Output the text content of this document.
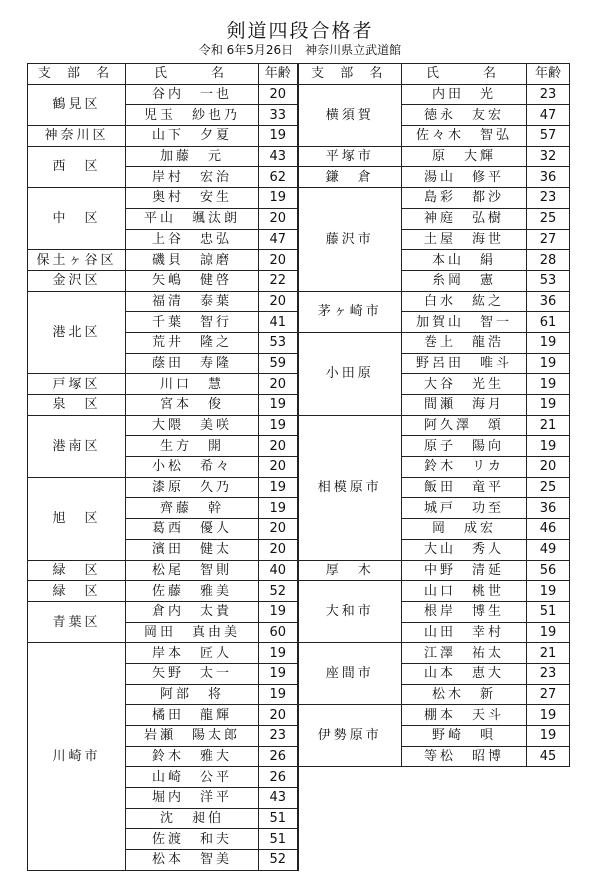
剣道四段合格者
令和 6年5月26日　神奈川県立武道館
支 部 名	氏　　名	年齢	支 部 名	氏　　名	年齢
鶴見区	谷内　一也	20	横須賀	内田　光	23
	児玉　紗也乃	33		徳永　友宏	47
神奈川区	山下　夕夏	19		佐々木　智弘	57
西　区	加藤　元	43	平塚市	原　大輝	32
	岸村　宏治	62	鎌　倉	湯山　修平	36
中　区	奥村　安生	19	藤沢市	島彩　都沙	23
	平山　颯汰朗	20		神庭　弘樹	25
	上谷　忠弘	47		土屋　海世	27
保土ヶ谷区	磯貝　諒磨	20		本山　絹	28
金沢区	矢嶋　健啓	22		糸岡　憲	53
港北区	福清　泰葉	20	茅ヶ崎市	白水　紘之	36
	千葉　智行	41		加賀山　智一	61
	荒井　隆之	53	小田原	巻上　龍浩	19
	蔭田　寿隆	59		野呂田　唯斗	19
戸塚区	川口　慧	20		大谷　光生	19
泉　区	宮本　俊	19		間瀬　海月	19
港南区	大隈　美咲	19	相模原市	阿久澤　頌	21
	生方　開	20		原子　陽向	19
	小松　希々	20		鈴木　リカ	20
旭　区	漆原　久乃	19		飯田　竜平	25
	齊藤　幹	19		城戸　功至	36
	葛西　優人	20		岡　成宏	46
	濱田　健太	20		大山　秀人	49
緑　区	松尾　智則	40	厚　木	中野　清延	56
緑　区	佐藤　雅美	52	大和市	山口　桃世	19
青葉区	倉内　太貴	19		根岸　博生	51
	岡田　真由美	60		山田　幸村	19
川崎市	岸本　匠人	19	座間市	江澤　祐太	21
	矢野　太一	19		山本　恵大	23
	阿部　将	19		松木　新	27
	橘田　龍輝	20	伊勢原市	棚本　天斗	19
	岩瀬　陽太郎	23		野崎　唄	19
	鈴木　雅大	26		等松　昭博	45
	山崎　公平	26			
	堀内　洋平	43			
	沈　昶伯	51			
	佐渡　和夫	51			
	松本　智美	52			
